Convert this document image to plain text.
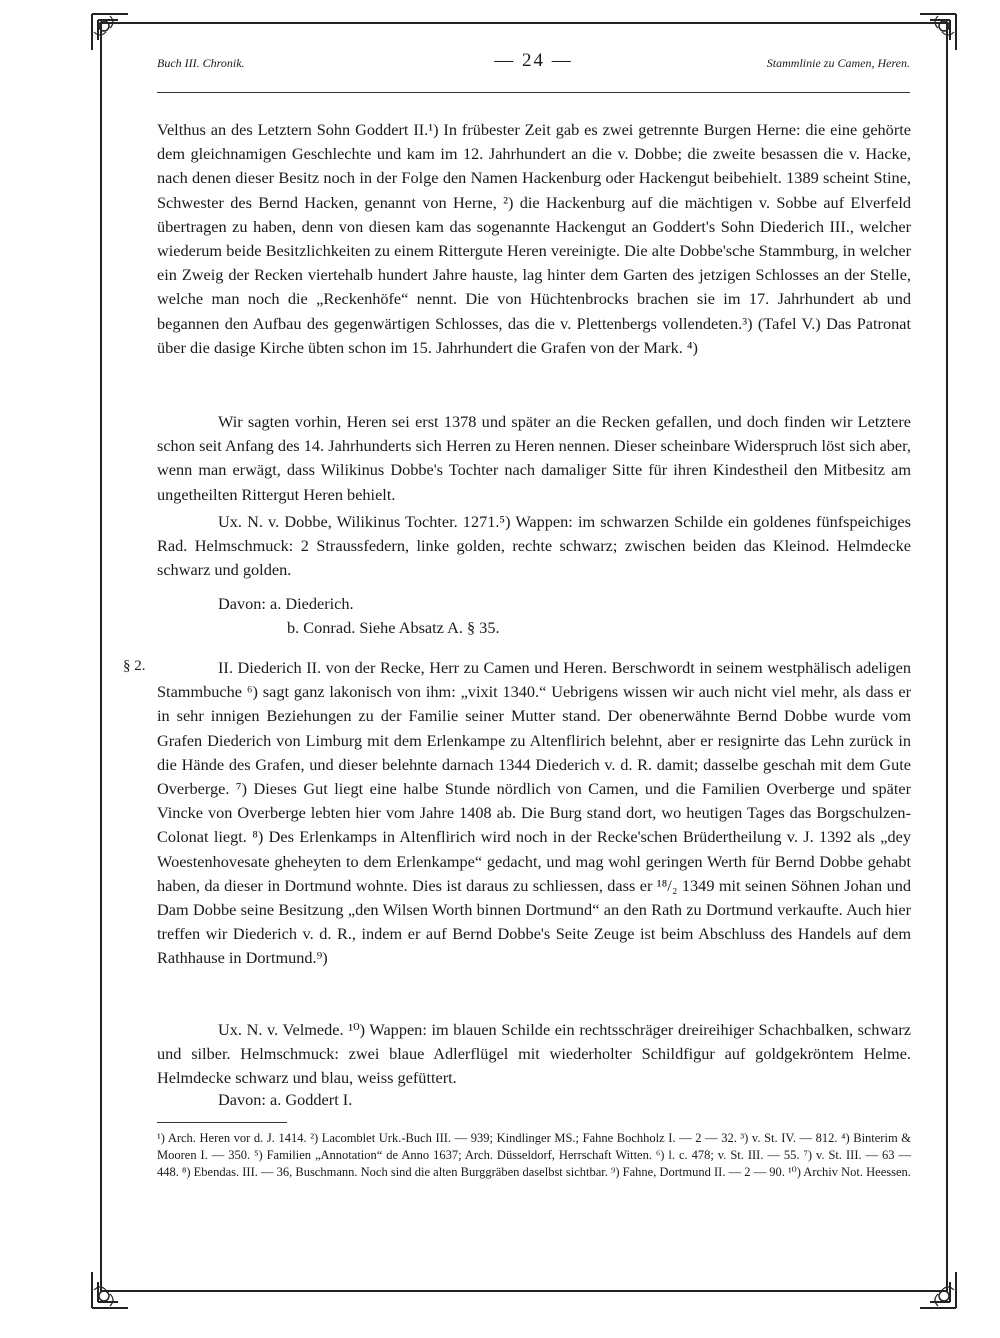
Buch III. Chronik.	— 24 —	Stammlinie zu Camen, Heren.

Velthus an des Letztern Sohn Goddert II.¹) In frübester Zeit gab es zwei getrennte Burgen Herne: die eine gehörte dem gleichnamigen Geschlechte und kam im 12. Jahrhundert an die v. Dobbe; die zweite besassen die v. Hacke, nach denen dieser Besitz noch in der Folge den Namen Hackenburg oder Hackengut beibehielt. 1389 scheint Stine, Schwester des Bernd Hacken, genannt von Herne, ²) die Hackenburg auf die mächtigen v. Sobbe auf Elverfeld übertragen zu haben, denn von diesen kam das sogenannte Hackengut an Goddert's Sohn Diederich III., welcher wiederum beide Besitzlichkeiten zu einem Rittergute Heren vereinigte. Die alte Dobbe'sche Stammburg, in welcher ein Zweig der Recken viertehalb hundert Jahre hauste, lag hinter dem Garten des jetzigen Schlosses an der Stelle, welche man noch die „Reckenhöfe“ nennt. Die von Hüchtenbrocks brachen sie im 17. Jahrhundert ab und begannen den Aufbau des gegenwärtigen Schlosses, das die v. Plettenbergs vollendeten.³) (Tafel V.) Das Patronat über die dasige Kirche übten schon im 15. Jahrhundert die Grafen von der Mark. ⁴)

Wir sagten vorhin, Heren sei erst 1378 und später an die Recken gefallen, und doch finden wir Letztere schon seit Anfang des 14. Jahrhunderts sich Herren zu Heren nennen. Dieser scheinbare Widerspruch löst sich aber, wenn man erwägt, dass Wilikinus Dobbe's Tochter nach damaliger Sitte für ihren Kindestheil den Mitbesitz am ungetheilten Rittergut Heren behielt.

Ux. N. v. Dobbe, Wilikinus Tochter. 1271.⁵) Wappen: im schwarzen Schilde ein goldenes fünfspeichiges Rad. Helmschmuck: 2 Straussfedern, linke golden, rechte schwarz; zwischen beiden das Kleinod. Helmdecke schwarz und golden.

Davon: a. Diederich.
b. Conrad. Siehe Absatz A. § 35.
§ 2.	II. Diederich II. von der Recke, Herr zu Camen und Heren. Berschwordt in seinem westphälisch adeligen Stammbuche ⁶) sagt ganz lakonisch von ihm: „vixit 1340.“ Uebrigens wissen wir auch nicht viel mehr, als dass er in sehr innigen Beziehungen zu der Familie seiner Mutter stand. Der obenerwähnte Bernd Dobbe wurde vom Grafen Diederich von Limburg mit dem Erlenkampe zu Altenflirich belehnt, aber er resignirte das Lehn zurück in die Hände des Grafen, und dieser belehnte darnach 1344 Diederich v. d. R. damit; dasselbe geschah mit dem Gute Overberge. ⁷) Dieses Gut liegt eine halbe Stunde nördlich von Camen, und die Familien Overberge und später Vincke von Overberge lebten hier vom Jahre 1408 ab. Die Burg stand dort, wo heutigen Tages das Borgschulzen-Colonat liegt. ⁸) Des Erlenkamps in Altenflirich wird noch in der Recke'schen Brüdertheilung v. J. 1392 als „dey Woestenhovesate gheheyten to dem Erlenkampe“ gedacht, und mag wohl geringen Werth für Bernd Dobbe gehabt haben, da dieser in Dortmund wohnte. Dies ist daraus zu schliessen, dass er ¹⁸/₂ 1349 mit seinen Söhnen Johan und Dam Dobbe seine Besitzung „den Wilsen Worth binnen Dortmund“ an den Rath zu Dortmund verkaufte. Auch hier treffen wir Diederich v. d. R., indem er auf Bernd Dobbe's Seite Zeuge ist beim Abschluss des Handels auf dem Rathhause in Dortmund.⁹)

Ux. N. v. Velmede. ¹⁰) Wappen: im blauen Schilde ein rechtsschräger dreireihiger Schachbalken, schwarz und silber. Helmschmuck: zwei blaue Adlerflügel mit wiederholter Schildfigur auf goldgekröntem Helme. Helmdecke schwarz und blau, weiss gefüttert.

Davon: a. Goddert I.
¹) Arch. Heren vor d. J. 1414. ²) Lacomblet Urk.-Buch III. — 939; Kindlinger MS.; Fahne Bochholz I. — 2 — 32. ³) v. St. IV. — 812. ⁴) Binterim & Mooren I. — 350. ⁵) Familien „Annotation“ de Anno 1637; Arch. Düsseldorf, Herrschaft Witten. ⁶) l. c. 478; v. St. III. — 55. ⁷) v. St. III. — 63 — 448. ⁸) Ebendas. III. — 36, Buschmann. Noch sind die alten Burggräben daselbst sichtbar. ⁹) Fahne, Dortmund II. — 2 — 90. ¹⁰) Archiv Not. Heessen.
